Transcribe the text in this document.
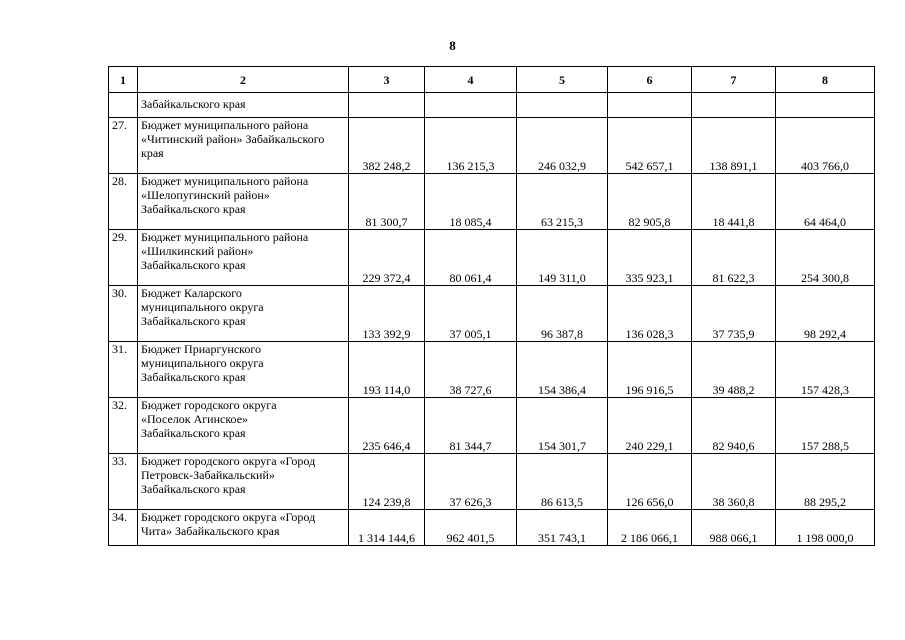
8
1	2	3	4	5	6	7	8
	Забайкальского края						
27.	Бюджет муниципального района
«Читинский район» Забайкальского
края	382 248,2	136 215,3	246 032,9	542 657,1	138 891,1	403 766,0
28.	Бюджет муниципального района
«Шелопугинский район»
Забайкальского края	81 300,7	18 085,4	63 215,3	82 905,8	18 441,8	64 464,0
29.	Бюджет муниципального района
«Шилкинский район»
Забайкальского края	229 372,4	80 061,4	149 311,0	335 923,1	81 622,3	254 300,8
30.	Бюджет Каларского
муниципального округа
Забайкальского края	133 392,9	37 005,1	96 387,8	136 028,3	37 735,9	98 292,4
31.	Бюджет Приаргунского
муниципального округа
Забайкальского края	193 114,0	38 727,6	154 386,4	196 916,5	39 488,2	157 428,3
32.	Бюджет городского округа
«Поселок Агинское»
Забайкальского края	235 646,4	81 344,7	154 301,7	240 229,1	82 940,6	157 288,5
33.	Бюджет городского округа «Город
Петровск-Забайкальский»
Забайкальского края	124 239,8	37 626,3	86 613,5	126 656,0	38 360,8	88 295,2
34.	Бюджет городского округа «Город
Чита» Забайкальского края	1 314 144,6	962 401,5	351 743,1	2 186 066,1	988 066,1	1 198 000,0
